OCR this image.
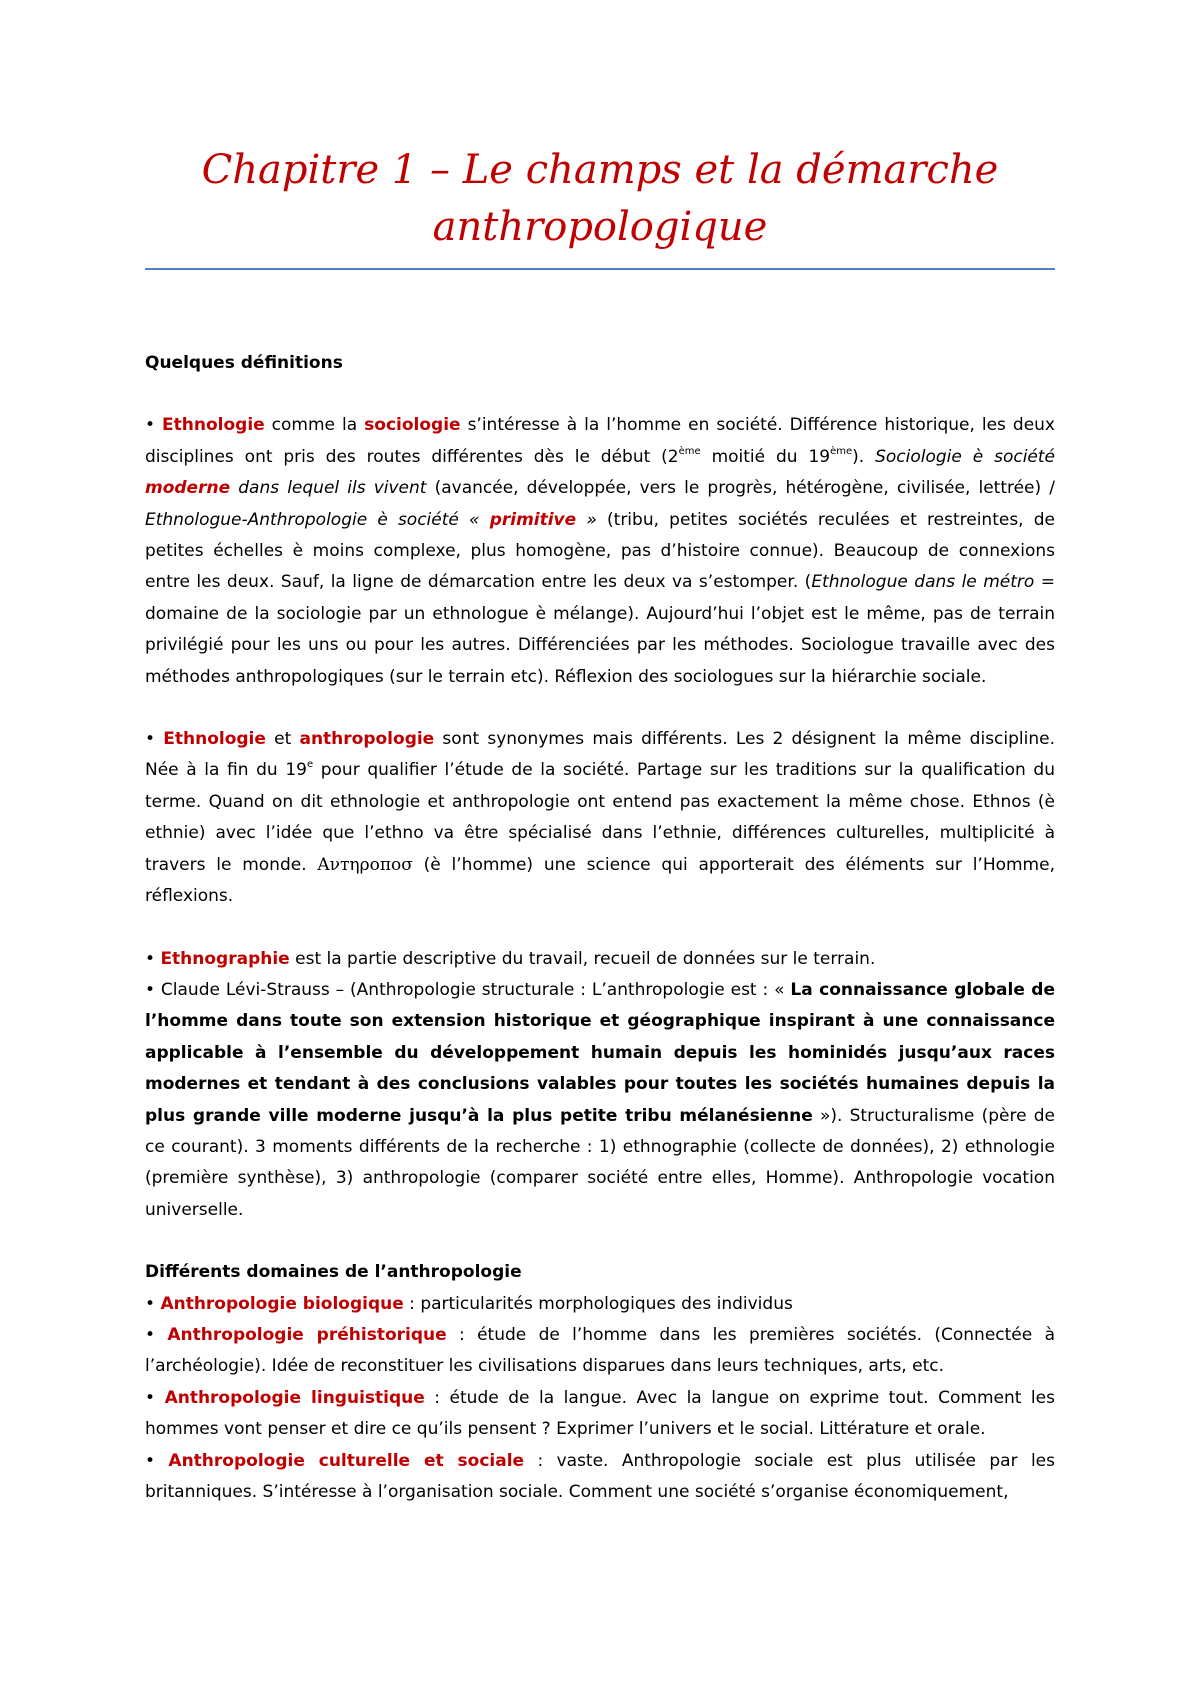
Chapitre 1 – Le champs et la démarche
anthropologique

Quelques définitions

• Ethnologie comme la sociologie s’intéresse à la l’homme en société. Différence historique, les deux disciplines ont pris des routes différentes dès le début (2ème moitié du 19ème). Sociologie è société moderne dans lequel ils vivent (avancée, développée, vers le progrès, hétérogène, civilisée, lettrée) / Ethnologue-Anthropologie è société « primitive » (tribu, petites sociétés reculées et restreintes, de petites échelles è moins complexe, plus homogène, pas d’histoire connue). Beaucoup de connexions entre les deux. Sauf, la ligne de démarcation entre les deux va s’estomper. (Ethnologue dans le métro = domaine de la sociologie par un ethnologue è mélange). Aujourd’hui l’objet est le même, pas de terrain privilégié pour les uns ou pour les autres. Différenciées par les méthodes. Sociologue travaille avec des méthodes anthropologiques (sur le terrain etc). Réflexion des sociologues sur la hiérarchie sociale.

• Ethnologie et anthropologie sont synonymes mais différents. Les 2 désignent la même discipline. Née à la fin du 19e pour qualifier l’étude de la société. Partage sur les traditions sur la qualification du terme. Quand on dit ethnologie et anthropologie ont entend pas exactement la même chose. Ethnos (è ethnie) avec l’idée que l’ethno va être spécialisé dans l’ethnie, différences culturelles, multiplicité à travers le monde. Ανтηρoπoσ (è l’homme) une science qui apporterait des éléments sur l’Homme, réflexions.

• Ethnographie est la partie descriptive du travail, recueil de données sur le terrain.

• Claude Lévi-Strauss – (Anthropologie structurale : L’anthropologie est : « La connaissance globale de l’homme dans toute son extension historique et géographique inspirant à une connaissance applicable à l’ensemble du développement humain depuis les hominidés jusqu’aux races modernes et tendant à des conclusions valables pour toutes les sociétés humaines depuis la plus grande ville moderne jusqu’à la plus petite tribu mélanésienne »). Structuralisme (père de ce courant). 3 moments différents de la recherche : 1) ethnographie (collecte de données), 2) ethnologie (première synthèse), 3) anthropologie (comparer société entre elles, Homme). Anthropologie vocation universelle.

Différents domaines de l’anthropologie

• Anthropologie biologique : particularités morphologiques des individus

• Anthropologie préhistorique : étude de l’homme dans les premières sociétés. (Connectée à l’archéologie). Idée de reconstituer les civilisations disparues dans leurs techniques, arts, etc.

• Anthropologie linguistique : étude de la langue. Avec la langue on exprime tout. Comment les hommes vont penser et dire ce qu’ils pensent ? Exprimer l’univers et le social. Littérature et orale.

• Anthropologie culturelle et sociale : vaste. Anthropologie sociale est plus utilisée par les britanniques. S’intéresse à l’organisation sociale. Comment une société s’organise économiquement,
